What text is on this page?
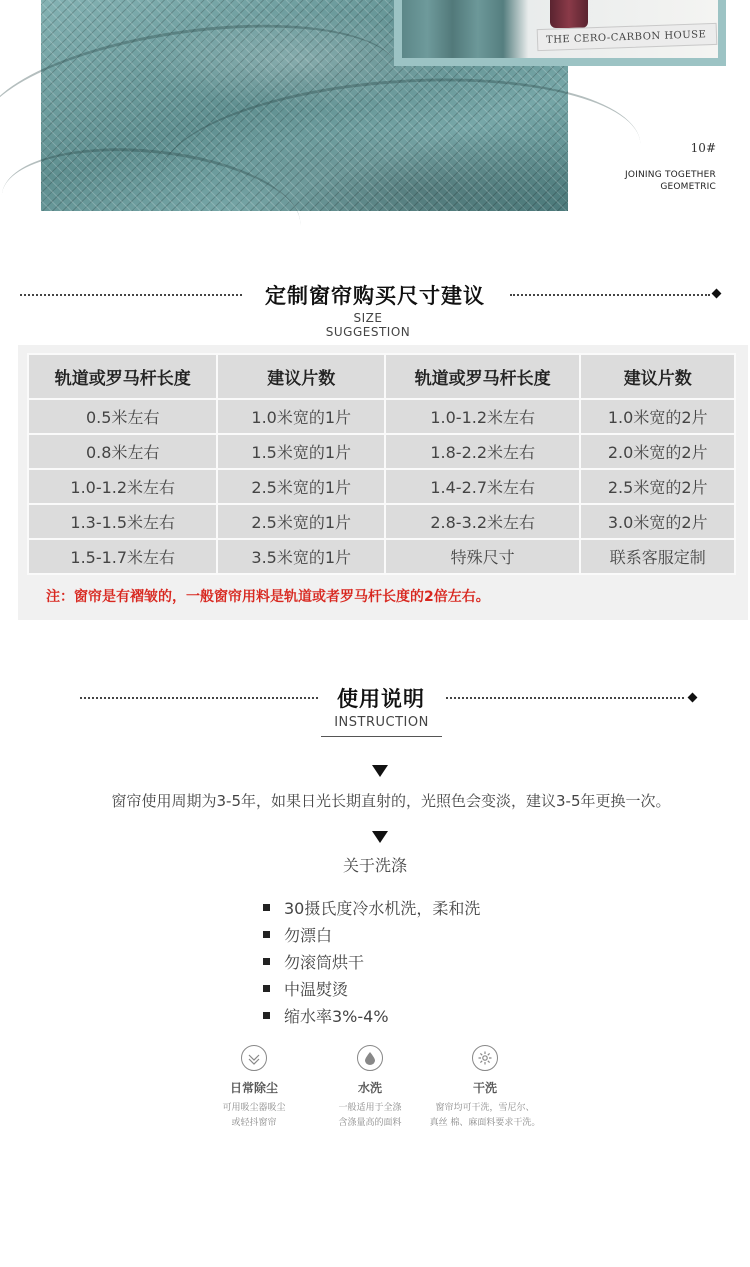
THE CERO-CARBON HOUSE
10#
JOINING TOGETHER
GEOMETRIC
定制窗帘购买尺寸建议
SIZE SUGGESTION
轨道或罗马杆长度	建议片数	轨道或罗马杆长度	建议片数
0.5米左右	1.0米宽的1片	1.0-1.2米左右	1.0米宽的2片
0.8米左右	1.5米宽的1片	1.8-2.2米左右	2.0米宽的2片
1.0-1.2米左右	2.5米宽的1片	1.4-2.7米左右	2.5米宽的2片
1.3-1.5米左右	2.5米宽的1片	2.8-3.2米左右	3.0米宽的2片
1.5-1.7米左右	3.5米宽的1片	特殊尺寸	联系客服定制
注：窗帘是有褶皱的，一般窗帘用料是轨道或者罗马杆长度的2倍左右。
使用说明
INSTRUCTION
窗帘使用周期为3-5年，如果日光长期直射的，光照色会变淡，建议3-5年更换一次。
关于洗涤
30摄氏度冷水机洗，柔和洗
勿漂白
勿滚筒烘干
中温熨烫
缩水率3%-4%
日常除尘
可用吸尘器吸尘
或轻抖窗帘
水洗
一般适用于全涤
含涤量高的面料
干洗
窗帘均可干洗，雪尼尔、
真丝 棉、麻面料要求干洗。
